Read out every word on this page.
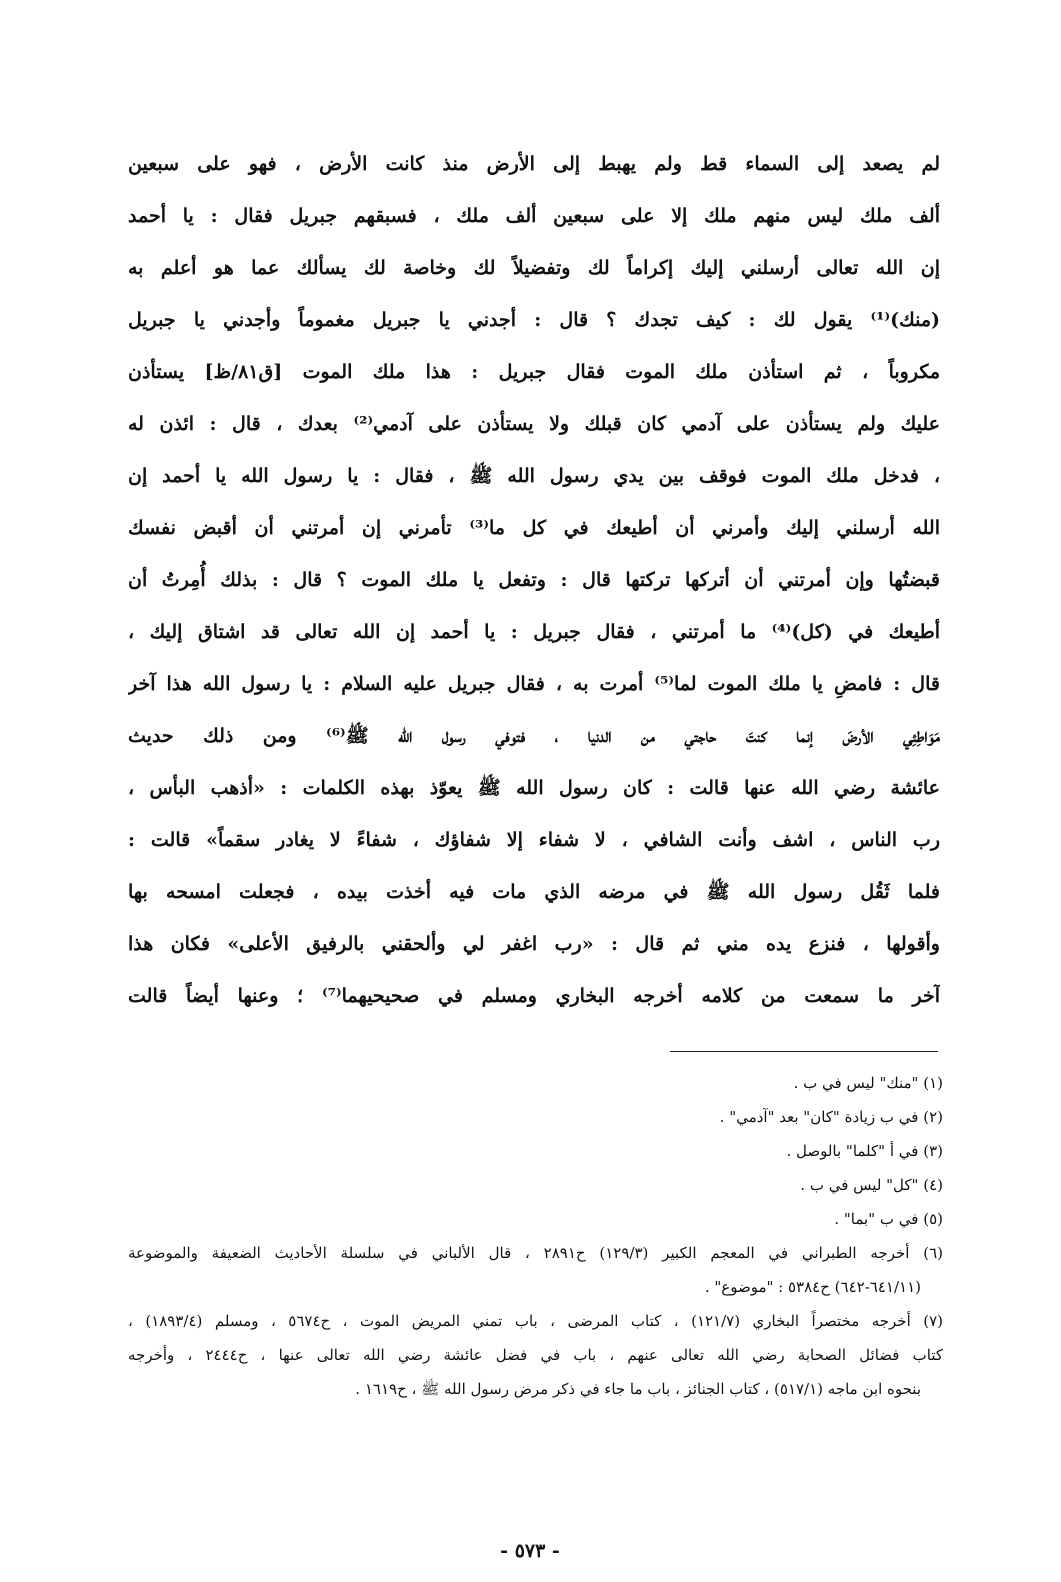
لم يصعد إلى السماء قط ولم يهبط إلى الأرض منذ كانت الأرض ، فهو على سبعين
ألف ملك ليس منهم ملك إلا على سبعين ألف ملك ، فسبقهم جبريل فقال : يا أحمد
إن الله تعالى أرسلني إليك إكراماً لك وتفضيلاً لك وخاصة لك يسألك عما هو أعلم به
(منك)⁽¹⁾ يقول لك : كيف تجدك ؟ قال : أجدني يا جبريل مغموماً وأجدني يا جبريل
مكروباً ، ثم استأذن ملك الموت فقال جبريل : هذا ملك الموت [ق٨١/ظ] يستأذن
عليك ولم يستأذن على آدمي كان قبلك ولا يستأذن على آدمي⁽²⁾ بعدك ، قال : ائذن له
، فدخل ملك الموت فوقف بين يدي رسول الله ﷺ ، فقال : يا رسول الله يا أحمد إن
الله أرسلني إليك وأمرني أن أطيعك في كل ما⁽³⁾ تأمرني إن أمرتني أن أقبض نفسك
قبضتُها وإن أمرتني أن أتركها تركتها قال : وتفعل يا ملك الموت ؟ قال : بذلك أُمِرتُ أن
أطيعك في (كل)⁽⁴⁾ ما أمرتني ، فقال جبريل : يا أحمد إن الله تعالى قد اشتاق إليك ،
قال : فامضِ يا ملك الموت لما⁽⁵⁾ أمرت به ، فقال جبريل عليه السلام : يا رسول الله هذا آخر
مَوَاطِئِي الأرضَ إنما كنتَ حاجتي من الدنيا ، فتوفي رسول الله ﷺ⁽⁶⁾ ومن ذلك حديث
عائشة رضي الله عنها قالت : كان رسول الله ﷺ يعوّذ بهذه الكلمات : «أذهب البأس ،
رب الناس ، اشف وأنت الشافي ، لا شفاء إلا شفاؤك ، شفاءً لا يغادر سقماً» قالت :
فلما ثَقُل رسول الله ﷺ في مرضه الذي مات فيه أخذت بيده ، فجعلت امسحه بها
وأقولها ، فنزع يده مني ثم قال : «رب اغفر لي وألحقني بالرفيق الأعلى» فكان هذا
آخر ما سمعت من كلامه أخرجه البخاري ومسلم في صحيحيهما⁽⁷⁾ ؛ وعنها أيضاً قالت
(١) "منك" ليس في ب .
(٢) في ب زيادة "كان" بعد "آدمي" .
(٣) في أ "كلما" بالوصل .
(٤) "كل" ليس في ب .
(٥) في ب "بما" .
(٦) أخرجه الطبراني في المعجم الكبير (١٢٩/٣) ح٢٨٩١ ، قال الألباني في سلسلة الأحاديث الضعيفة والموضوعة
(٦٤١/١١-٦٤٢) ح٥٣٨٤ : "موضوع" .
(٧) أخرجه مختصراً البخاري (١٢١/٧) ، كتاب المرضى ، باب تمني المريض الموت ، ح٥٦٧٤ ، ومسلم (١٨٩٣/٤) ،
كتاب فضائل الصحابة رضي الله تعالى عنهم ، باب في فضل عائشة رضي الله تعالى عنها ، ح٢٤٤٤ ، وأخرجه
بنحوه ابن ماجه (٥١٧/١) ، كتاب الجنائز ، باب ما جاء في ذكر مرض رسول الله ﷺ ، ح١٦١٩ .
- ٥٧٣ -
